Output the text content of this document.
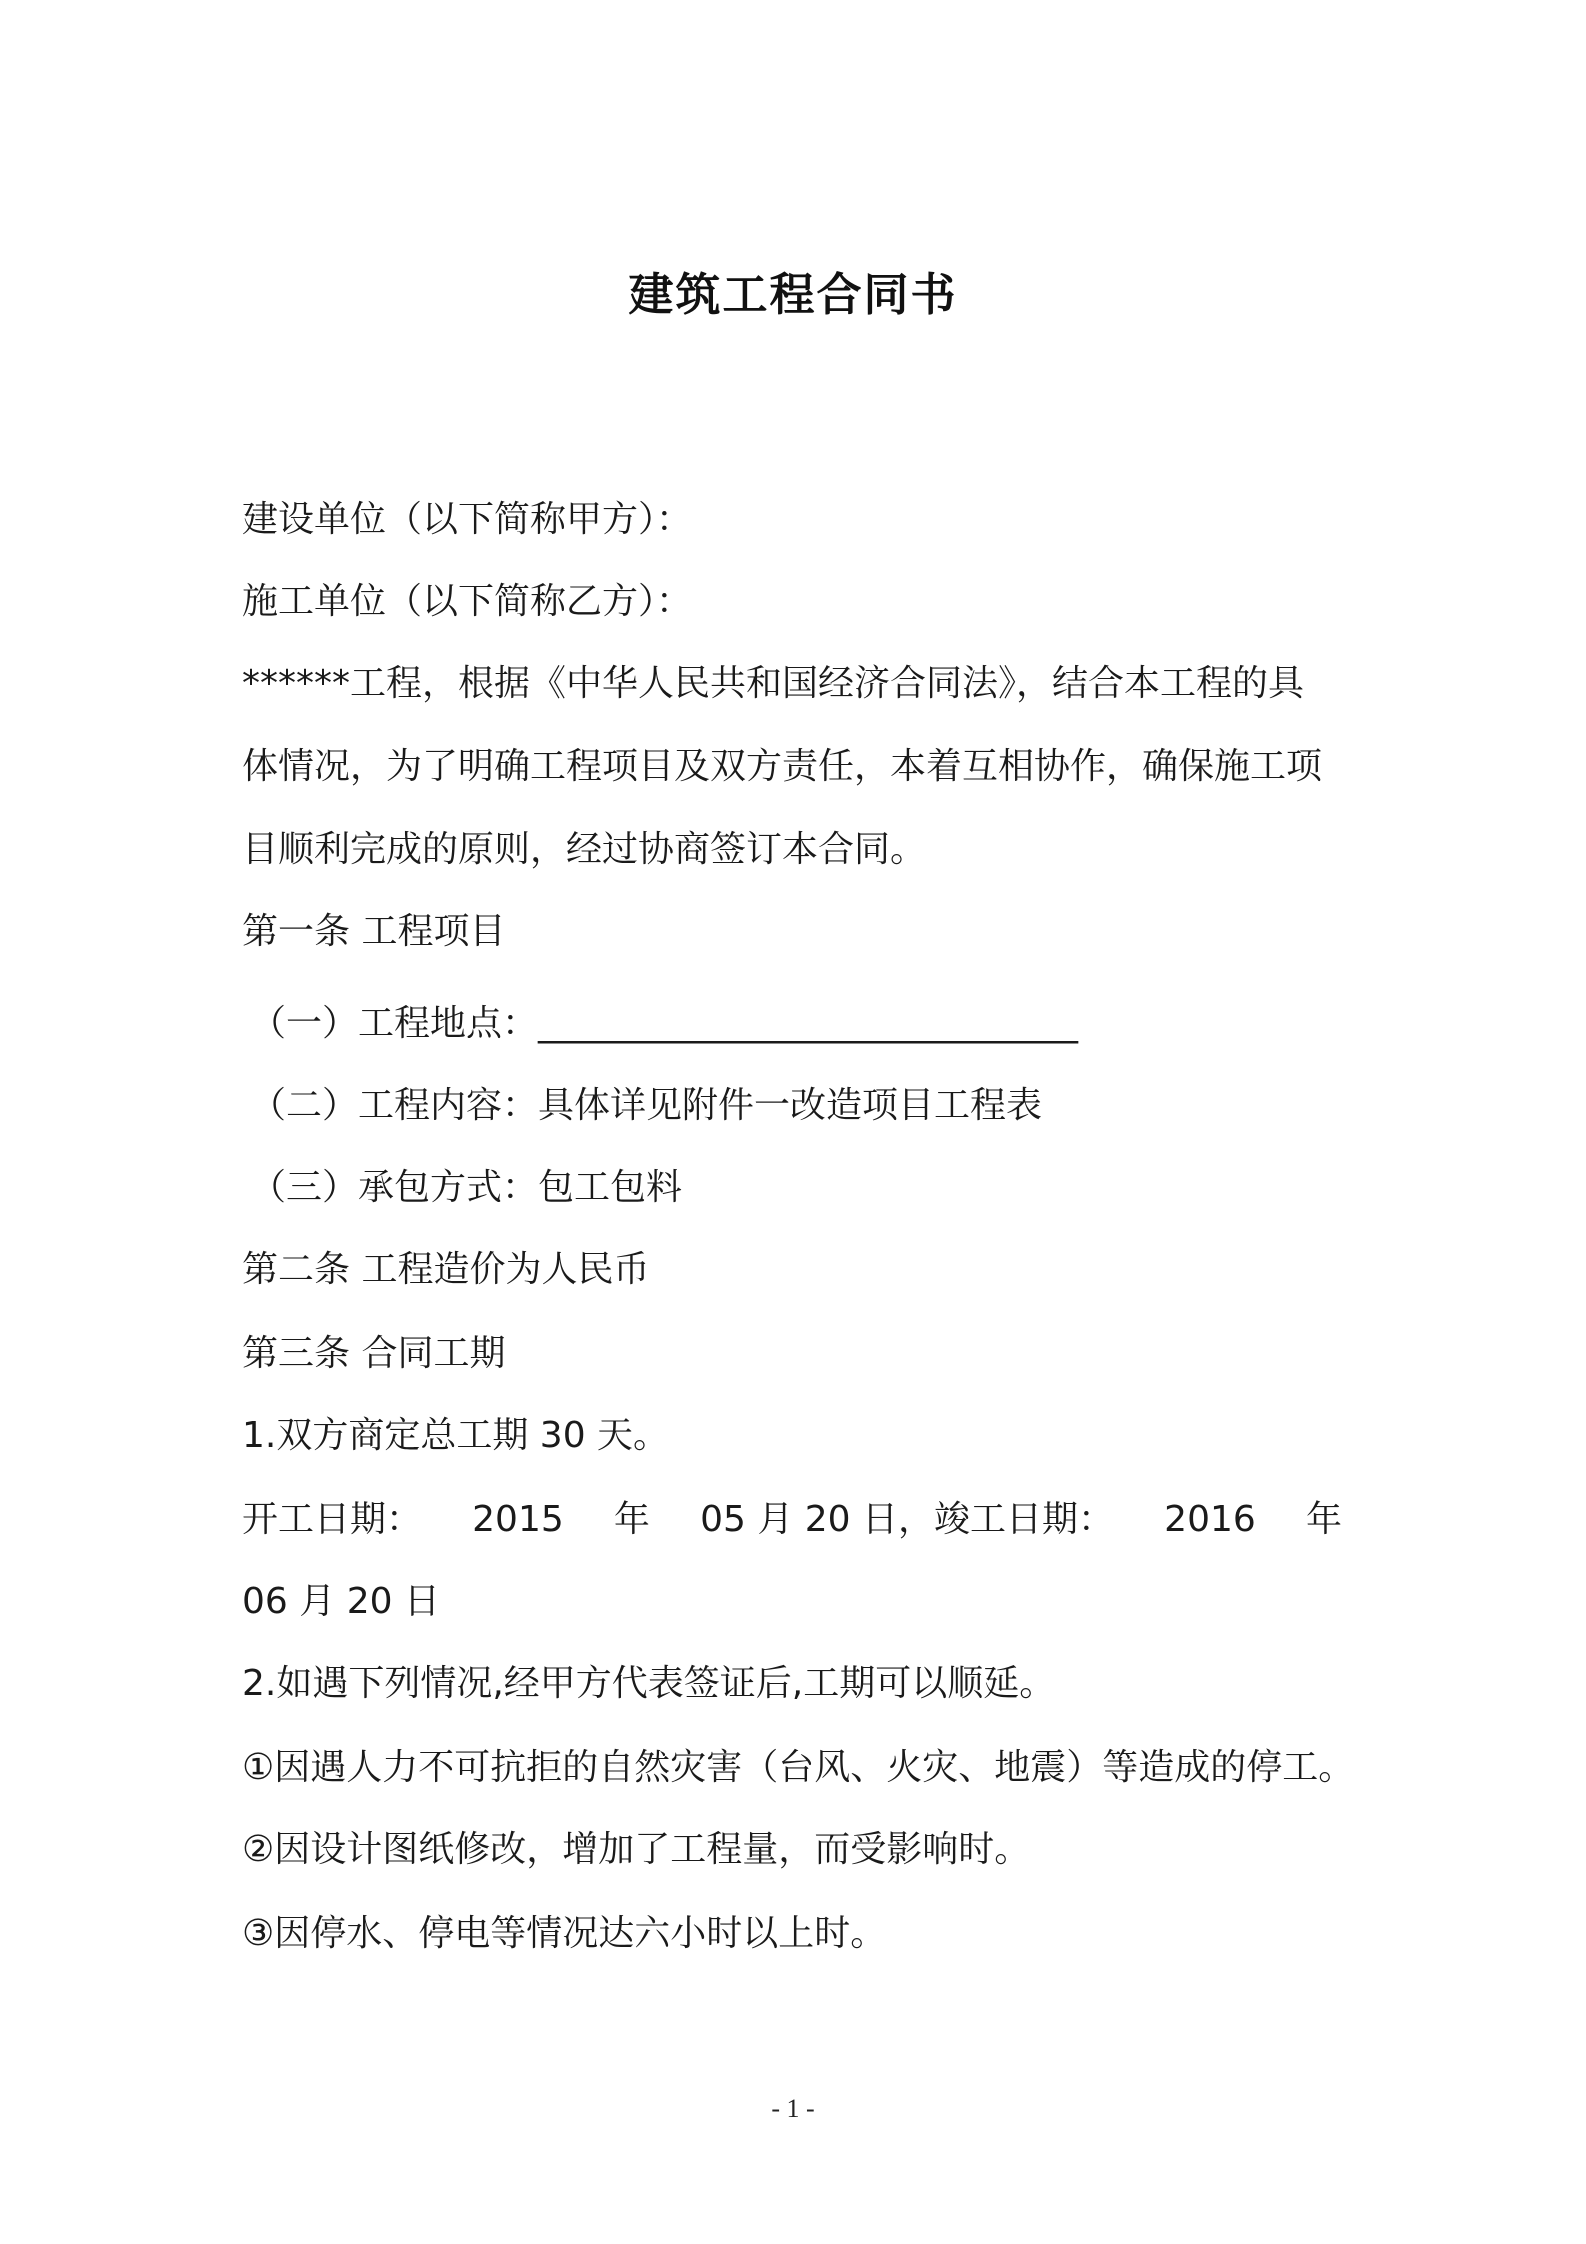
建筑工程合同书
建设单位（以下简称甲方）：
施工单位（以下简称乙方）：
******工程，根据《中华人民共和国经济合同法》，结合本工程的具
体情况，为了明确工程项目及双方责任，本着互相协作，确保施工项
目顺利完成的原则，经过协商签订本合同。
第一条 工程项目
（一）工程地点：______________________________
（二）工程内容：具体详见附件一改造项目工程表
（三）承包方式：包工包料
第二条 工程造价为人民币
第三条 合同工期
1.双方商定总工期 30 天。
开工日期： 2015 年 05 月 20 日，竣工日期： 2016 年
06 月 20 日
2.如遇下列情况,经甲方代表签证后,工期可以顺延。
①因遇人力不可抗拒的自然灾害（台风、火灾、地震）等造成的停工。
②因设计图纸修改，增加了工程量，而受影响时。
③因停水、停电等情况达六小时以上时。
- 1 -
